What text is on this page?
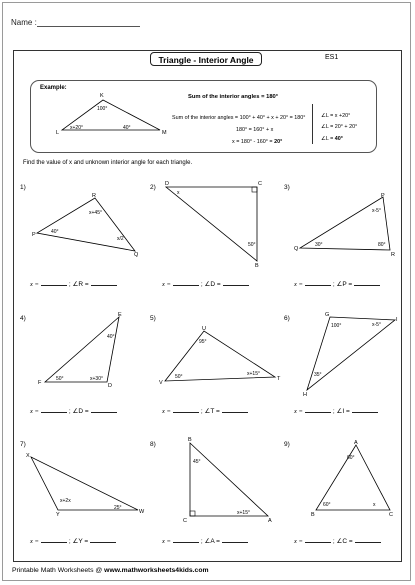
Name :
Triangle - Interior Angle	ES1
Example:
Sum of the interior angles = 180°
Sum of the interior angles = 100° + 40° + x + 20° = 180°
180° = 160° + x
x = 180° - 160° = 20°
∠L = x +20°
∠L = 20° + 20°
∠L = 40°
K
L	M
100°
x+20°	40°
Find the value of x and unknown interior angle for each triangle.
R
P
Q
x+45°
40°
x/2
D	C
B
x
50°
P
Q
R
x-5°
30°	80°
E
F	D
40°
50°	x+30°
U
V
T
95°
50°	x+15°
G
I
H
100°	x-5°
35°
X
Y	W
x+2x
25°
B
C	A
45°
x+15°
A
B	C
60°
60°	x
1)	2)	3)
4)	5)	6)
7)	8)	9)
x =	; ∠R =	x =	; ∠D =	x =	; ∠P =
x =	; ∠D =	x =	; ∠T =	x =	; ∠I =
x =	; ∠Y =	x =	; ∠A =	x =	; ∠C =
Printable Math Worksheets @ www.mathworksheets4kids.com
